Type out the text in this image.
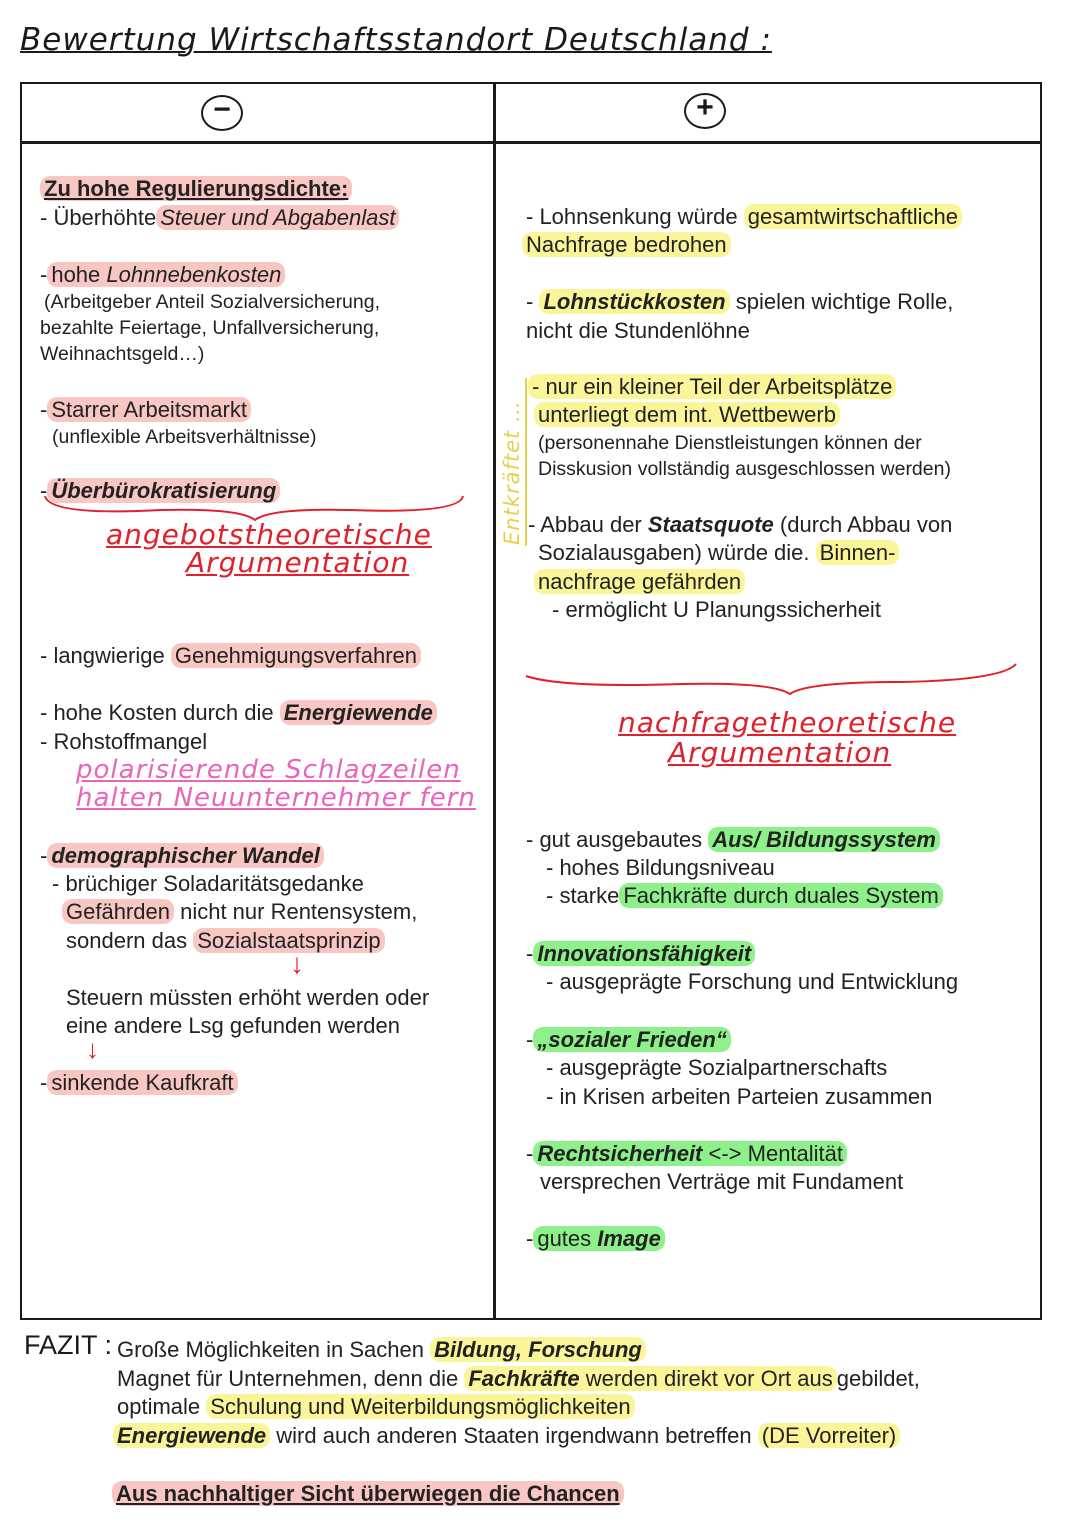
Bewertung Wirtschaftsstandort Deutschland :
−	+
Zu hohe Regulierungsdichte:
- Überhöhte Steuer und Abgabenlast
- hohe Lohnnebenkosten
(Arbeitgeber Anteil Sozialversicherung,
bezahlte Feiertage, Unfallversicherung,
Weihnachtsgeld…)
- Starrer Arbeitsmarkt
(unflexible Arbeitsverhältnisse)
- Überbürokratisierung
angebotstheoretische
Argumentation
- langwierige Genehmigungsverfahren
- hohe Kosten durch die Energiewende
- Rohstoffmangel
polarisierende Schlagzeilen
halten Neuunternehmer fern
- demographischer Wandel
- brüchiger Soladaritätsgedanke
Gefährden nicht nur Rentensystem,
sondern das Sozialstaatsprinzip
↓
Steuern müssten erhöht werden oder
eine andere Lsg gefunden werden
↓
- sinkende Kaufkraft
- Lohnsenkung würde gesamtwirtschaftliche
Nachfrage bedrohen
- Lohnstückkosten spielen wichtige Rolle,
nicht die Stundenlöhne
Entkräftet …
- nur ein kleiner Teil der Arbeitsplätze
unterliegt dem int. Wettbewerb
(personennahe Dienstleistungen können der
Disskusion vollständig ausgeschlossen werden)
- Abbau der Staatsquote (durch Abbau von
Sozialausgaben) würde die. Binnen-
nachfrage gefährden
- ermöglicht U Planungssicherheit
nachfragetheoretische
Argumentation
- gut ausgebautes Aus/ Bildungssystem
- hohes Bildungsniveau
- starke Fachkräfte durch duales System
- Innovationsfähigkeit
- ausgeprägte Forschung und Entwicklung
- „sozialer Frieden“
- ausgeprägte Sozialpartnerschafts
- in Krisen arbeiten Parteien zusammen
- Rechtsicherheit <-> Mentalität
versprechen Verträge mit Fundament
- gutes Image
FAZIT : Große Möglichkeiten in Sachen Bildung, Forschung
Magnet für Unternehmen, denn die Fachkräfte werden direkt vor Ort aus gebildet,
optimale Schulung und Weiterbildungsmöglichkeiten
Energiewende wird auch anderen Staaten irgendwann betreffen (DE Vorreiter)
Aus nachhaltiger Sicht überwiegen die Chancen
